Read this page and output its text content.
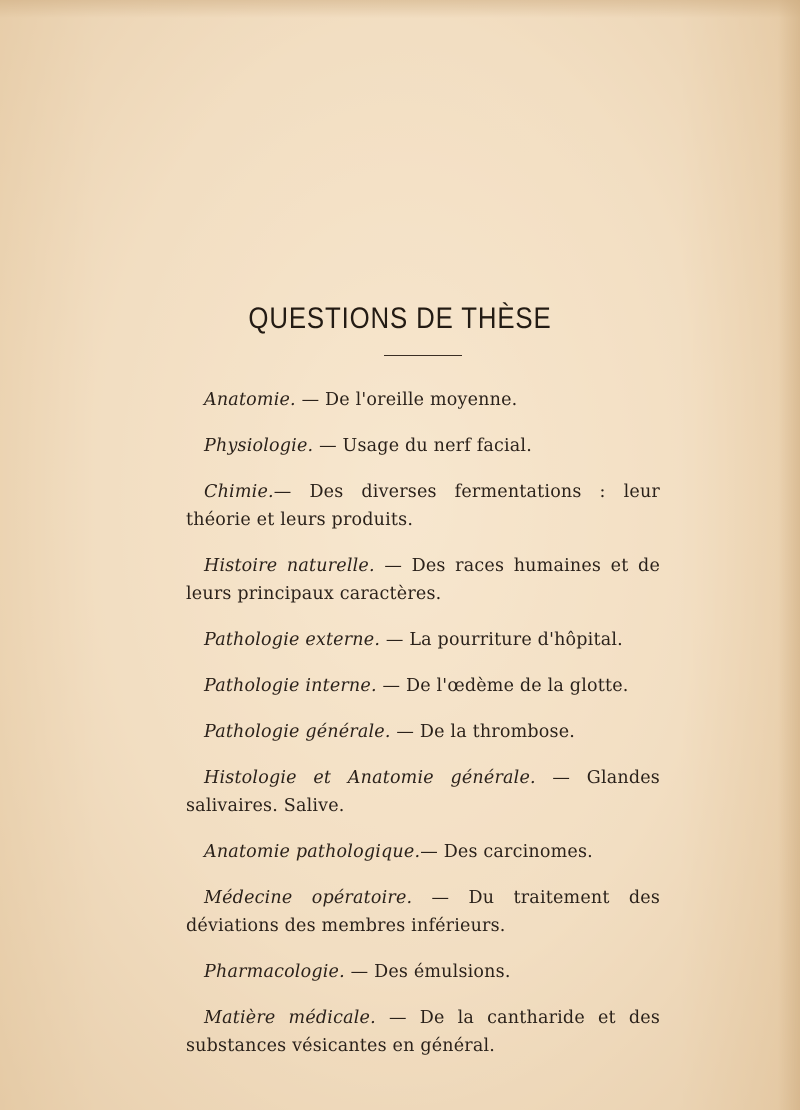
QUESTIONS DE THÈSE

Anatomie. — De l'oreille moyenne.

Physiologie. — Usage du nerf facial.

Chimie.— Des diverses fermentations : leur théorie et leurs produits.

Histoire naturelle. — Des races humaines et de leurs principaux caractères.

Pathologie externe. — La pourriture d'hôpital.

Pathologie interne. — De l'œdème de la glotte.

Pathologie générale. — De la thrombose.

Histologie et Anatomie générale. — Glandes salivaires. Salive.

Anatomie pathologique.— Des carcinomes.

Médecine opératoire. — Du traitement des déviations des membres inférieurs.

Pharmacologie. — Des émulsions.

Matière médicale. — De la cantharide et des substances vésicantes en général.
